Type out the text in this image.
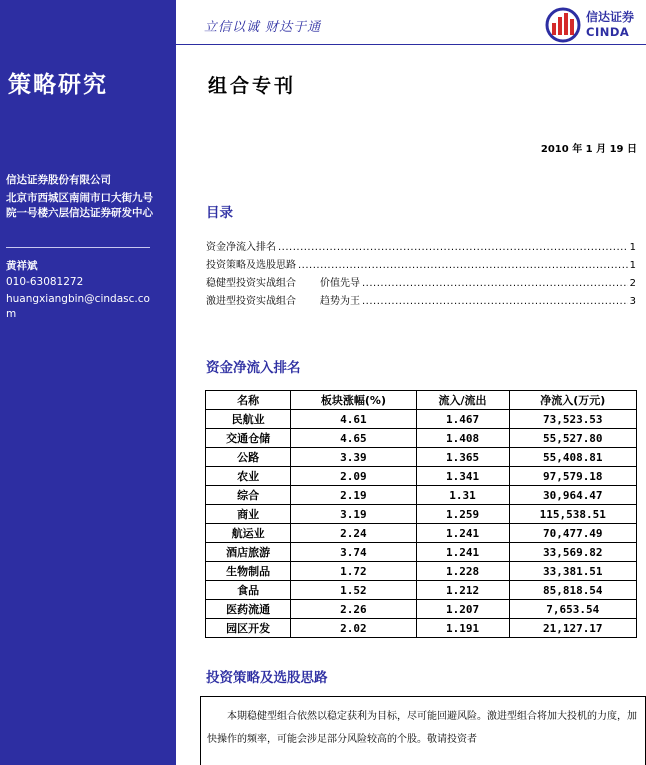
策略研究
信达证券股份有限公司
北京市西城区南闹市口大街九号院一号楼六层信达证券研发中心
黄祥斌
010-63081272
huangxiangbin@cindasc.com
立信以诚 财达于通
信达证券
CINDA
组合专刊
2010 年 1 月 19 日
目录
资金净流入排名 .....	1
投资策略及选股思路 .....	1
稳健型投资实战组合 价值先导 .....	2
激进型投资实战组合 趋势为王 .....	3
资金净流入排名
名称	板块涨幅(%)	流入/流出	净流入(万元)
民航业	4.61	1.467	73,523.53
交通仓储	4.65	1.408	55,527.80
公路	3.39	1.365	55,408.81
农业	2.09	1.341	97,579.18
综合	2.19	1.31	30,964.47
商业	3.19	1.259	115,538.51
航运业	2.24	1.241	70,477.49
酒店旅游	3.74	1.241	33,569.82
生物制品	1.72	1.228	33,381.51
食品	1.52	1.212	85,818.54
医药流通	2.26	1.207	7,653.54
园区开发	2.02	1.191	21,127.17
投资策略及选股思路

本期稳健型组合依然以稳定获利为目标，尽可能回避风险。激进型组合将加大投机的力度，加快操作的频率，可能会涉足部分风险较高的个股。敬请投资者
